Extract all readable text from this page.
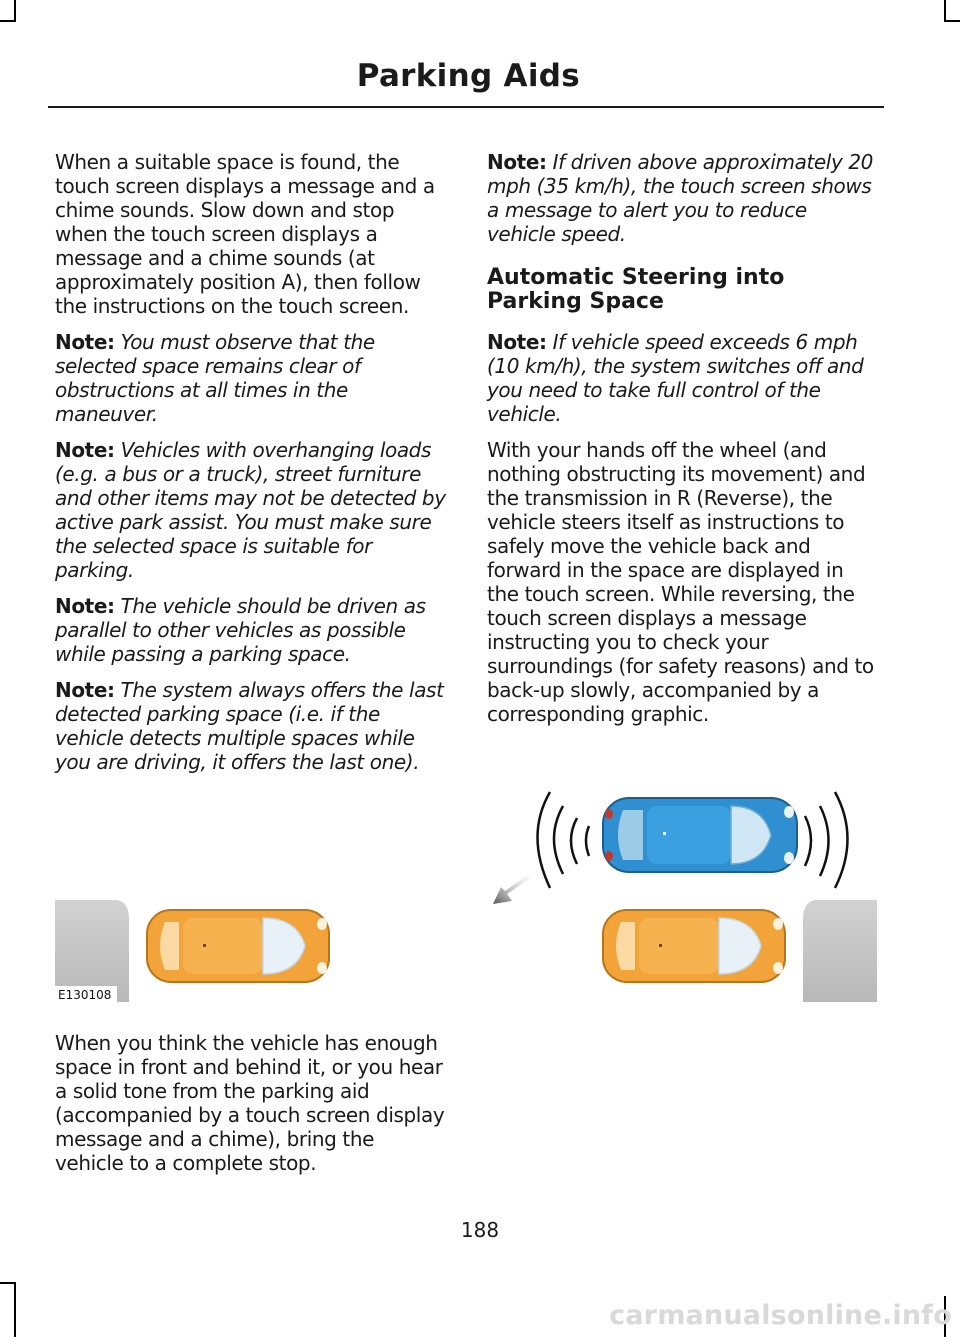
Parking Aids

When a suitable space is found, the touch screen displays a message and a chime sounds. Slow down and stop when the touch screen displays a message and a chime sounds (at approximately position A), then follow the instructions on the touch screen.

Note: You must observe that the selected space remains clear of obstructions at all times in the maneuver.

Note: Vehicles with overhanging loads (e.g. a bus or a truck), street furniture and other items may not be detected by active park assist. You must make sure the selected space is suitable for parking.

Note: The vehicle should be driven as parallel to other vehicles as possible while passing a parking space.

Note: The system always offers the last detected parking space (i.e. if the vehicle detects multiple spaces while you are driving, it offers the last one).

Note: If driven above approximately 20 mph (35 km/h), the touch screen shows a message to alert you to reduce vehicle speed.

Automatic Steering into Parking Space

Note: If vehicle speed exceeds 6 mph (10 km/h), the system switches off and you need to take full control of the vehicle.

With your hands off the wheel (and nothing obstructing its movement) and the transmission in R (Reverse), the vehicle steers itself as instructions to safely move the vehicle back and forward in the space are displayed in the touch screen. While reversing, the touch screen displays a message instructing you to check your surroundings (for safety reasons) and to back-up slowly, accompanied by a corresponding graphic.

E130108

When you think the vehicle has enough space in front and behind it, or you hear a solid tone from the parking aid (accompanied by a touch screen display message and a chime), bring the vehicle to a complete stop.

188
carmanualsonline.info
